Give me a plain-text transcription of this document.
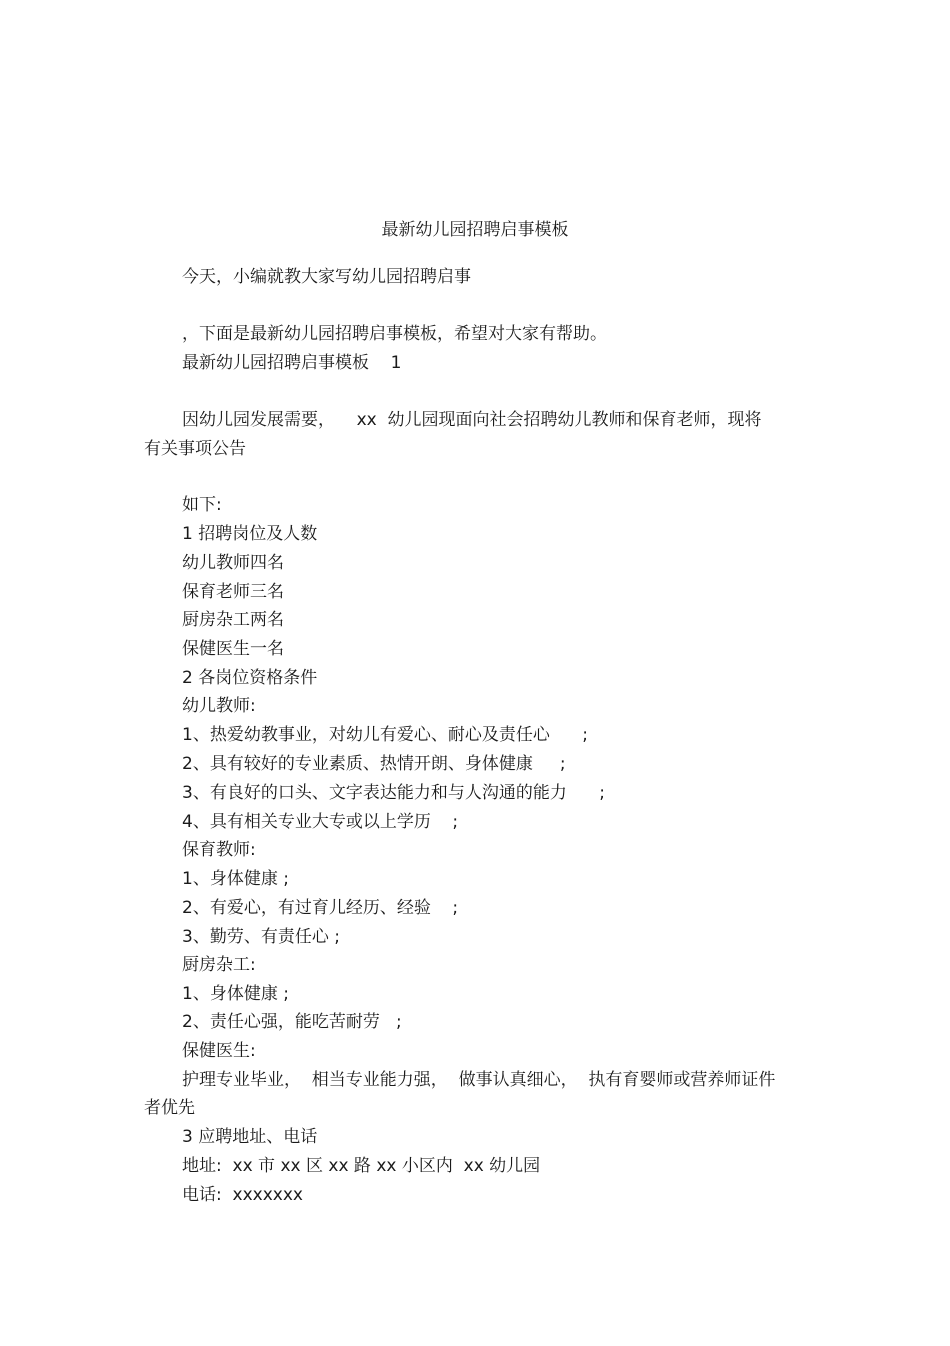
最新幼儿园招聘启事模板
今天，小编就教大家写幼儿园招聘启事
，下面是最新幼儿园招聘启事模板，希望对大家有帮助。
最新幼儿园招聘启事模板    1
因幼儿园发展需要，    xx  幼儿园现面向社会招聘幼儿教师和保育老师，现将
有关事项公告
如下:
1 招聘岗位及人数
幼儿教师四名
保育老师三名
厨房杂工两名
保健医生一名
2 各岗位资格条件
幼儿教师:
1、热爱幼教事业，对幼儿有爱心、耐心及责任心      ;
2、具有较好的专业素质、热情开朗、身体健康     ;
3、有良好的口头、文字表达能力和与人沟通的能力      ;
4、具有相关专业大专或以上学历    ;
保育教师:
1、身体健康 ;
2、有爱心，有过育儿经历、经验    ;
3、勤劳、有责任心 ;
厨房杂工:
1、身体健康 ;
2、责任心强，能吃苦耐劳   ;
保健医生:
护理专业毕业，  相当专业能力强，  做事认真细心，  执有育婴师或营养师证件
者优先
3 应聘地址、电话
地址:  xx 市 xx 区 xx 路 xx 小区内  xx 幼儿园
电话:  xxxxxxx
